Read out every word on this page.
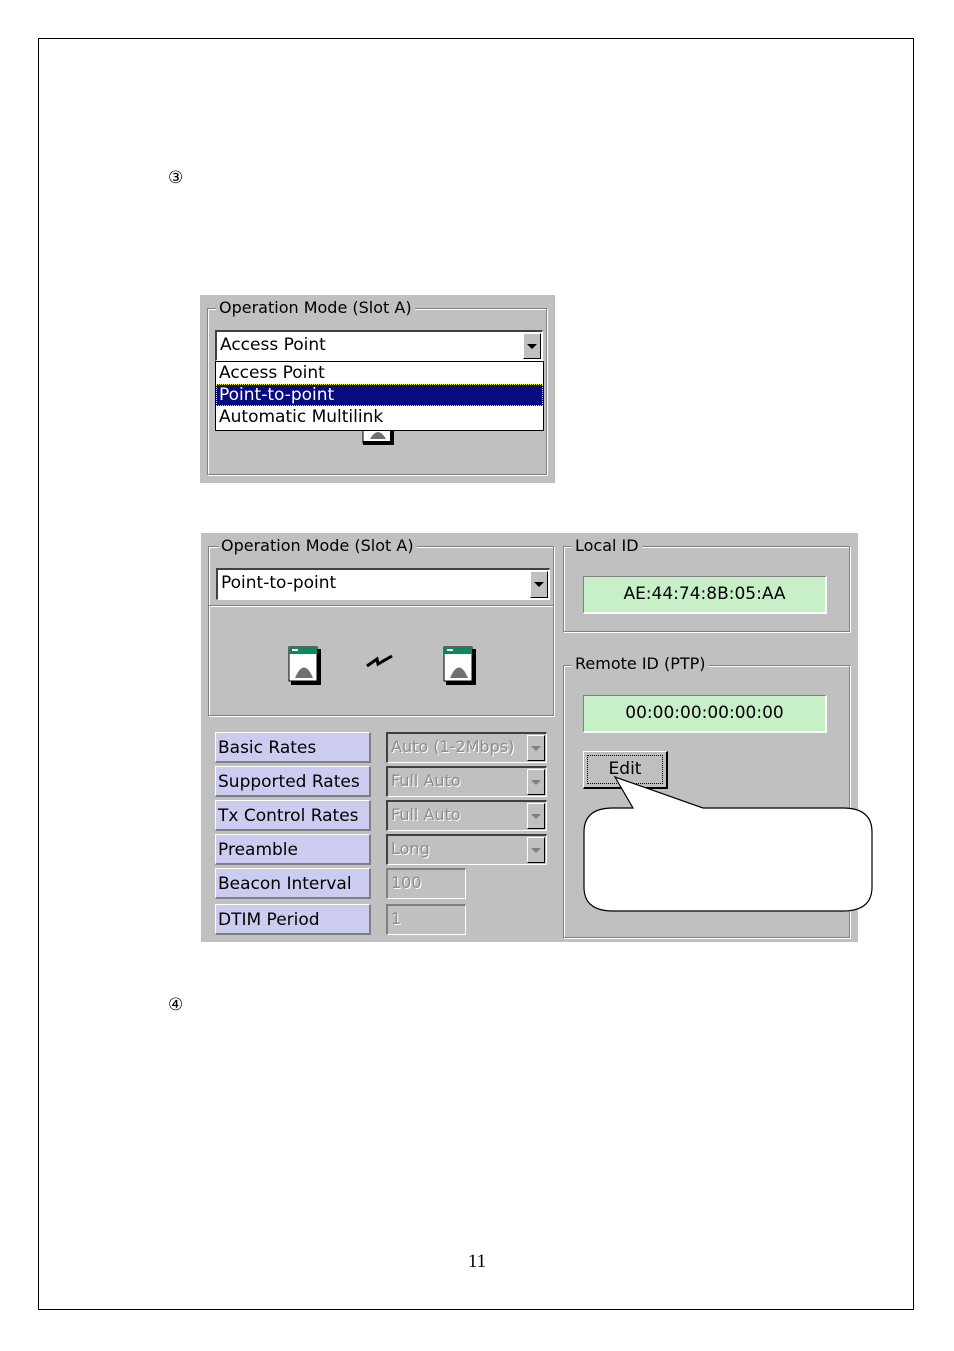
③
Operation Mode (Slot A)
Access Point
Access Point
Point-to-point
Automatic Multilink
Operation Mode (Slot A)
Point-to-point
Basic Rates
Supported Rates
Tx Control Rates
Preamble
Beacon Interval
DTIM Period
Auto (1-2Mbps)
Full Auto
Full Auto
Long
100
1
Local ID
AE:44:74:8B:05:AA
Remote ID (PTP)
00:00:00:00:00:00
Edit
④
11
